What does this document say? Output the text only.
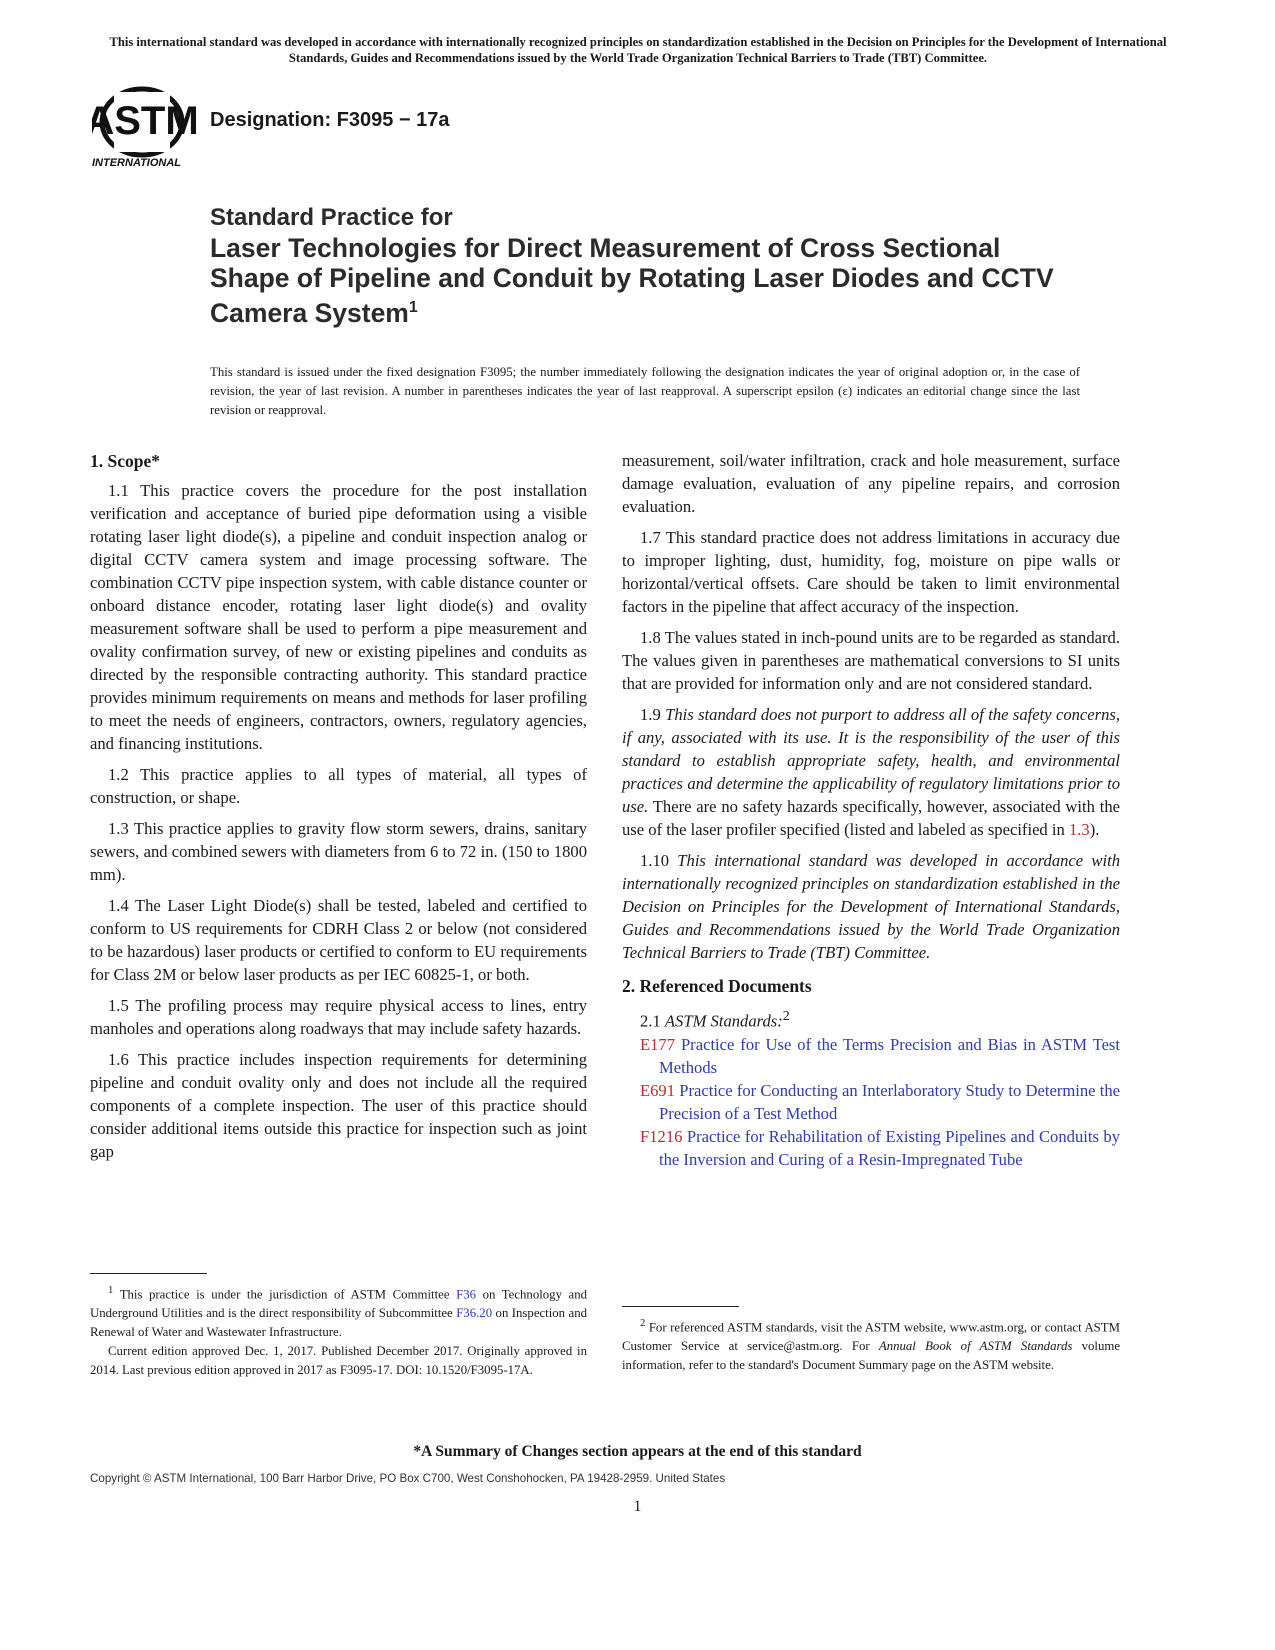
This international standard was developed in accordance with internationally recognized principles on standardization established in the Decision on Principles for the Development of International Standards, Guides and Recommendations issued by the World Trade Organization Technical Barriers to Trade (TBT) Committee.
ASTM
INTERNATIONAL
Designation: F3095 − 17a
Standard Practice for
Laser Technologies for Direct Measurement of Cross Sectional Shape of Pipeline and Conduit by Rotating Laser Diodes and CCTV Camera System$^1$
This standard is issued under the fixed designation F3095; the number immediately following the designation indicates the year of original adoption or, in the case of revision, the year of last revision. A number in parentheses indicates the year of last reapproval. A superscript epsilon (ε) indicates an editorial change since the last revision or reapproval.
1. Scope*

1.1 This practice covers the procedure for the post installation verification and acceptance of buried pipe deformation using a visible rotating laser light diode(s), a pipeline and conduit inspection analog or digital CCTV camera system and image processing software. The combination CCTV pipe inspection system, with cable distance counter or onboard distance encoder, rotating laser light diode(s) and ovality measurement software shall be used to perform a pipe measurement and ovality confirmation survey, of new or existing pipelines and conduits as directed by the responsible contracting authority. This standard practice provides minimum requirements on means and methods for laser profiling to meet the needs of engineers, contractors, owners, regulatory agencies, and financing institutions.

1.2 This practice applies to all types of material, all types of construction, or shape.

1.3 This practice applies to gravity flow storm sewers, drains, sanitary sewers, and combined sewers with diameters from 6 to 72 in. (150 to 1800 mm).

1.4 The Laser Light Diode(s) shall be tested, labeled and certified to conform to US requirements for CDRH Class 2 or below (not considered to be hazardous) laser products or certified to conform to EU requirements for Class 2M or below laser products as per IEC 60825-1, or both.

1.5 The profiling process may require physical access to lines, entry manholes and operations along roadways that may include safety hazards.

1.6 This practice includes inspection requirements for determining pipeline and conduit ovality only and does not include all the required components of a complete inspection. The user of this practice should consider additional items outside this practice for inspection such as joint gap

$^1$ This practice is under the jurisdiction of ASTM Committee F36 on Technology and Underground Utilities and is the direct responsibility of Subcommittee F36.20 on Inspection and Renewal of Water and Wastewater Infrastructure.

Current edition approved Dec. 1, 2017. Published December 2017. Originally approved in 2014. Last previous edition approved in 2017 as F3095-17. DOI: 10.1520/F3095-17A.

measurement, soil/water infiltration, crack and hole measurement, surface damage evaluation, evaluation of any pipeline repairs, and corrosion evaluation.

1.7 This standard practice does not address limitations in accuracy due to improper lighting, dust, humidity, fog, moisture on pipe walls or horizontal/vertical offsets. Care should be taken to limit environmental factors in the pipeline that affect accuracy of the inspection.

1.8 The values stated in inch-pound units are to be regarded as standard. The values given in parentheses are mathematical conversions to SI units that are provided for information only and are not considered standard.

1.9 This standard does not purport to address all of the safety concerns, if any, associated with its use. It is the responsibility of the user of this standard to establish appropriate safety, health, and environmental practices and determine the applicability of regulatory limitations prior to use. There are no safety hazards specifically, however, associated with the use of the laser profiler specified (listed and labeled as specified in 1.3).

1.10 This international standard was developed in accordance with internationally recognized principles on standardization established in the Decision on Principles for the Development of International Standards, Guides and Recommendations issued by the World Trade Organization Technical Barriers to Trade (TBT) Committee.

2. Referenced Documents

2.1 ASTM Standards:$^2$

E177 Practice for Use of the Terms Precision and Bias in ASTM Test Methods

E691 Practice for Conducting an Interlaboratory Study to Determine the Precision of a Test Method

F1216 Practice for Rehabilitation of Existing Pipelines and Conduits by the Inversion and Curing of a Resin-Impregnated Tube

$^2$ For referenced ASTM standards, visit the ASTM website, www.astm.org, or contact ASTM Customer Service at service@astm.org. For Annual Book of ASTM Standards volume information, refer to the standard's Document Summary page on the ASTM website.

*A Summary of Changes section appears at the end of this standard
Copyright © ASTM International, 100 Barr Harbor Drive, PO Box C700, West Conshohocken, PA 19428-2959. United States
1
